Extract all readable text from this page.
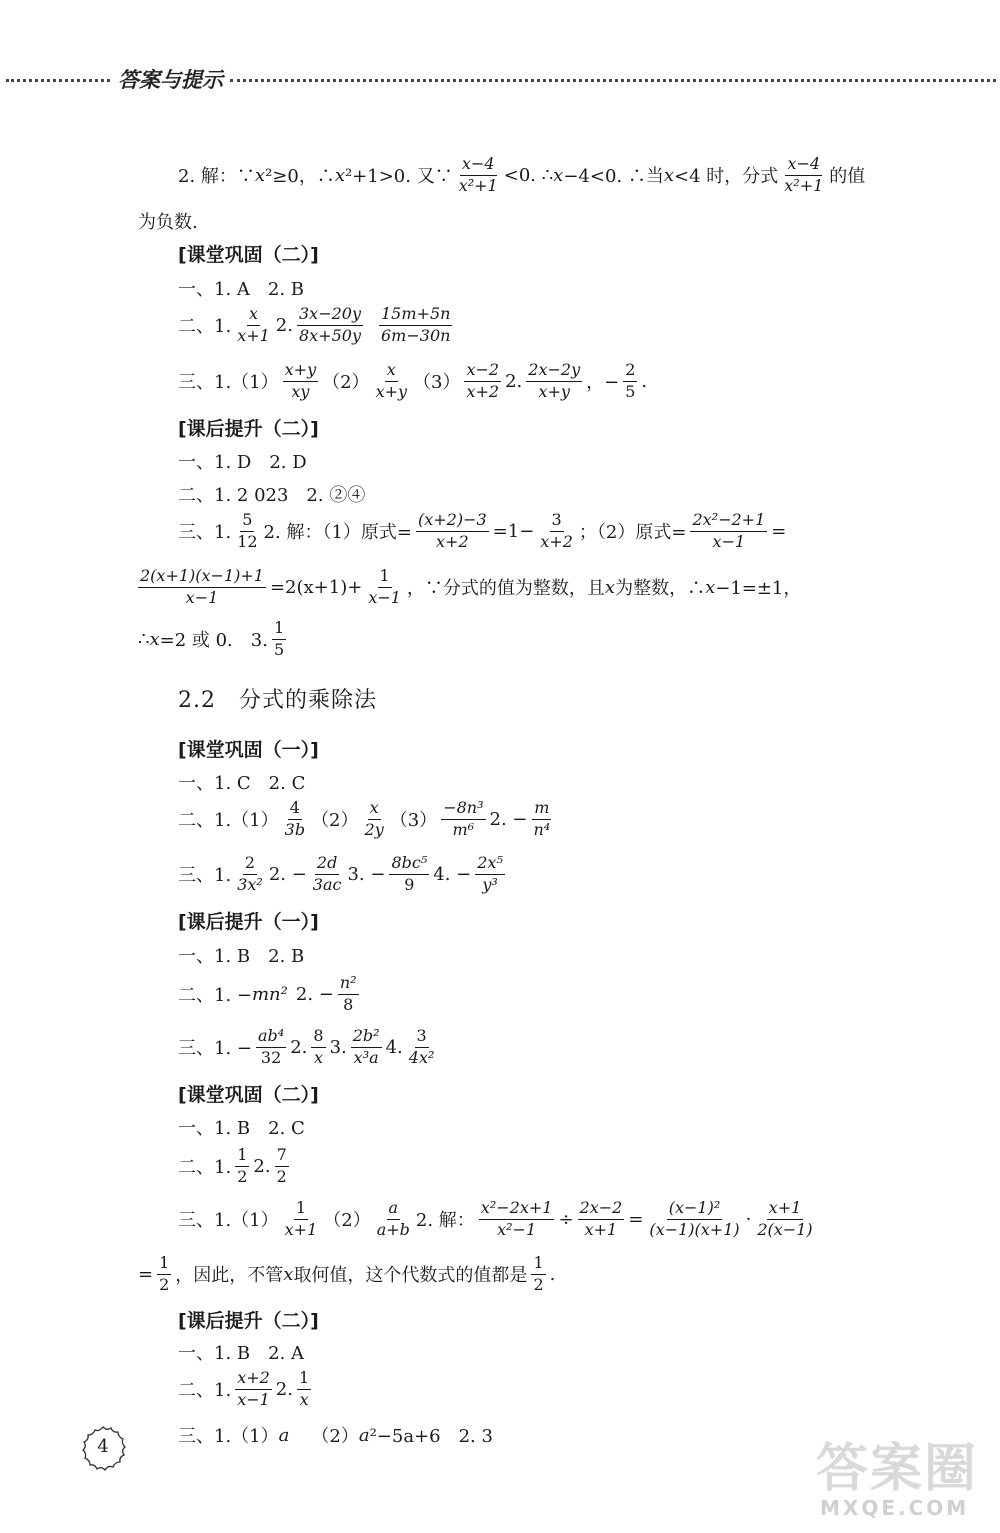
答案与提示
2. 解：∵ x ²≥0，∴ x ²+1>0. 又∵ $\frac{x-4}{\text{x²+1}} <0$. ∴ x −4<0. ∴当 x <4 时，分式 $\frac{x-4}{\text{x²+1}}$ 的值
为负数.
[课堂巩固（二）]
一、1. A　2. B
二、1. $\frac{x}{x+1} 2$. $\frac{3x-20y}{8x+50y} \frac{15m+5n}{6m-30n}$
三、$1.(1) \frac{x+y}{xy} (2) \frac{x}{x+y} (3) \frac{x-2}{x+2} 2$. $\frac{2x-2y}{x+y}$ ，− $\frac{2}{5}$ .
[课后提升（二）]
一、1. D　2. D
二、1. 2 023　2. ②④
三、1. $\frac{5}{12} 2$. 解：（1）原式= $\frac{(x+2)-3}{x+2} =1- \frac{3}{x+2}$ ；（2）原式= $\frac{\text{2x²−2+1}}{x-1}$ =
$\frac{2(x+1)(x-1)+1}{x-1} =2(x+1)+ \frac{1}{x-1}$ ，∵分式的值为整数，且 x 为整数，∴ x −1=±1，
∴ x =2 或 0.　3. $\frac{1}{5}$
2.2　分式的乘除法
[课堂巩固（一）]
一、1. C　2. C
二、$1.(1) \frac{4}{3b} (2) \frac{x}{2y} (3) \frac{\text{−8n³}}{\text{m⁶}} 2$. − $\frac{m}{\text{n⁴}}$
三、1. $\frac{2}{\text{3x²}} 2$. − $\frac{2d}{3ac} 3$. − $\frac{\text{8bc⁵}}{9} 4$. − $\frac{\text{2x⁵}}{\text{y³}}$
[课后提升（一）]
一、1. B　2. B
二、1. − mn² 2. − $\frac{\text{n²}}{8}$
三、1. − $\frac{\text{ab⁴}}{32} 2$. $\frac{8}{x} 3$. $\frac{\text{2b²}}{\text{x³a}} 4$. $\frac{3}{\text{4x²}}$
[课堂巩固（二）]
一、1. B　2. C
二、1. $\frac{1}{2} 2$. $\frac{7}{2}$
三、$1.(1) \frac{1}{x+1} (2) \frac{a}{a+b} 2$. 解： $\frac{\text{x²−2x+1}}{\text{x²−1}} \div \frac{2x-2}{x+1} = \frac{\text{(x−1)²}}{(x-1)(x+1)} \cdot \frac{x+1}{2(x-1)}$
= $\frac{1}{2}$ ，因此，不管 x 取何值，这个代数式的值都是 $\frac{1}{2}$ .
[课后提升（二）]
一、1. B　2. A
二、1. $\frac{x+2}{x-1} 2$. $\frac{1}{x}$
三、1.（1） a （2） a ²−5a+6　2. 3
4	答案圈
MXQE.COM
